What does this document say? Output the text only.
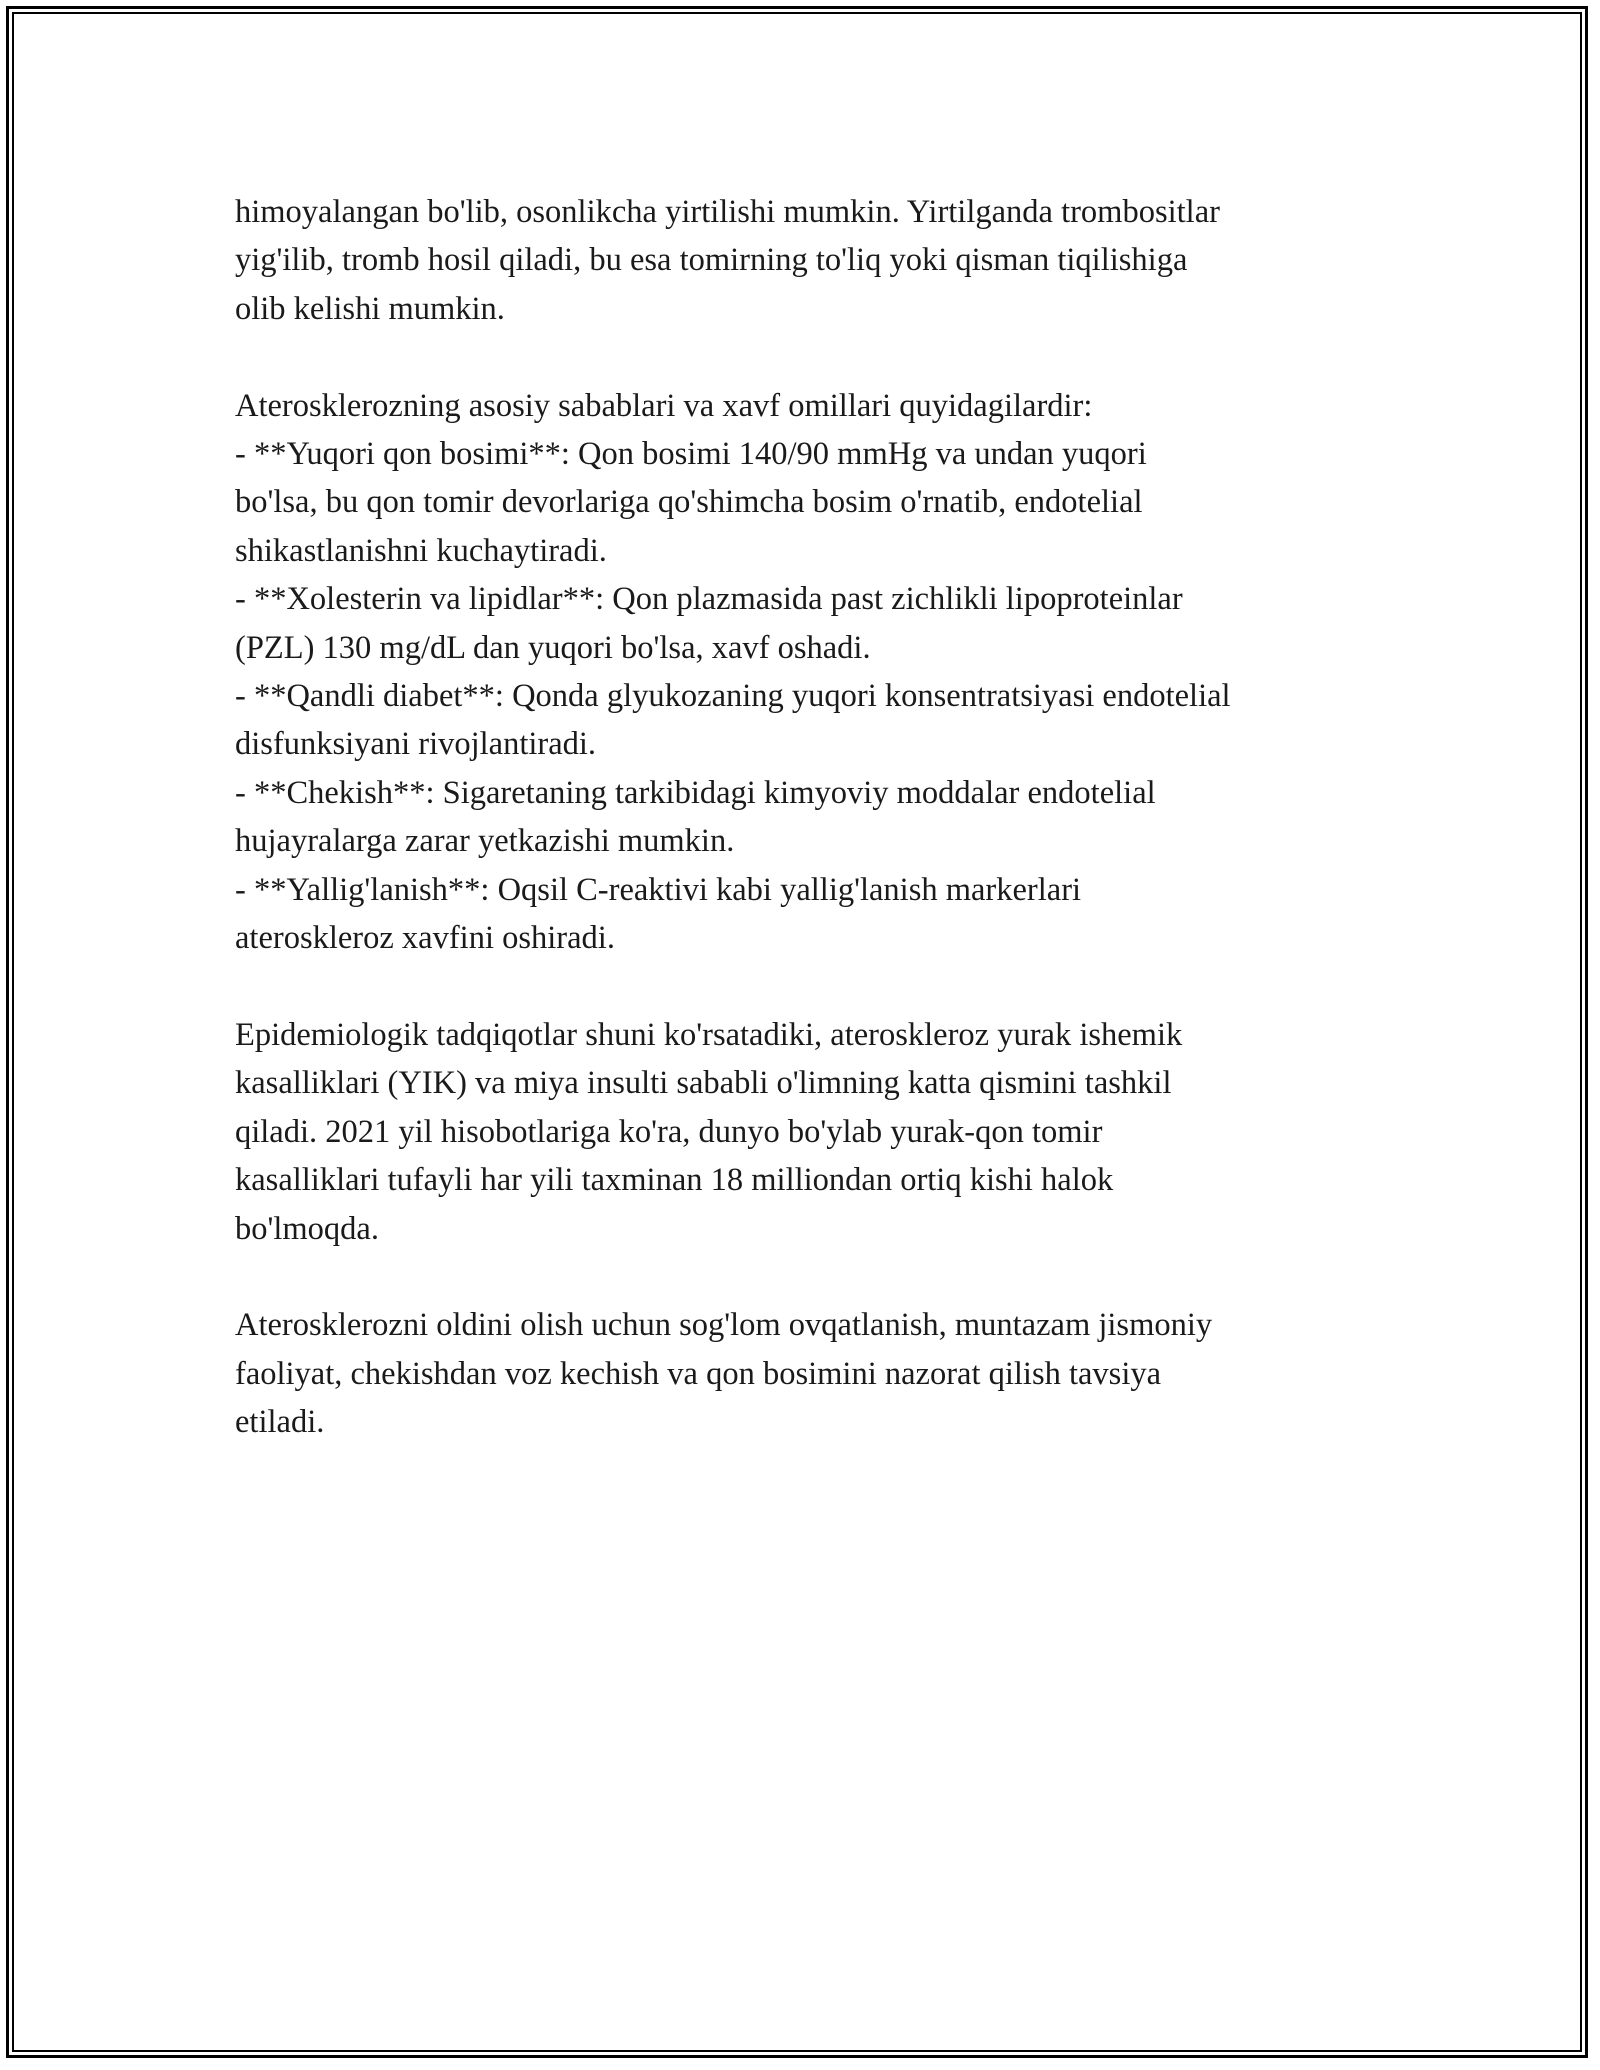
himoyalangan bo'lib, osonlikcha yirtilishi mumkin. Yirtilganda trombositlar
yig'ilib, tromb hosil qiladi, bu esa tomirning to'liq yoki qisman tiqilishiga
olib kelishi mumkin.
Aterosklerozning asosiy sabablari va xavf omillari quyidagilardir:
- **Yuqori qon bosimi**: Qon bosimi 140/90 mmHg va undan yuqori
bo'lsa, bu qon tomir devorlariga qo'shimcha bosim o'rnatib, endotelial
shikastlanishni kuchaytiradi.
- **Xolesterin va lipidlar**: Qon plazmasida past zichlikli lipoproteinlar
(PZL) 130 mg/dL dan yuqori bo'lsa, xavf oshadi.
- **Qandli diabet**: Qonda glyukozaning yuqori konsentratsiyasi endotelial
disfunksiyani rivojlantiradi.
- **Chekish**: Sigaretaning tarkibidagi kimyoviy moddalar endotelial
hujayralarga zarar yetkazishi mumkin.
- **Yallig'lanish**: Oqsil C-reaktivi kabi yallig'lanish markerlari
ateroskleroz xavfini oshiradi.
Epidemiologik tadqiqotlar shuni ko'rsatadiki, ateroskleroz yurak ishemik
kasalliklari (YIK) va miya insulti sababli o'limning katta qismini tashkil
qiladi. 2021 yil hisobotlariga ko'ra, dunyo bo'ylab yurak-qon tomir
kasalliklari tufayli har yili taxminan 18 milliondan ortiq kishi halok
bo'lmoqda.
Aterosklerozni oldini olish uchun sog'lom ovqatlanish, muntazam jismoniy
faoliyat, chekishdan voz kechish va qon bosimini nazorat qilish tavsiya
etiladi.
